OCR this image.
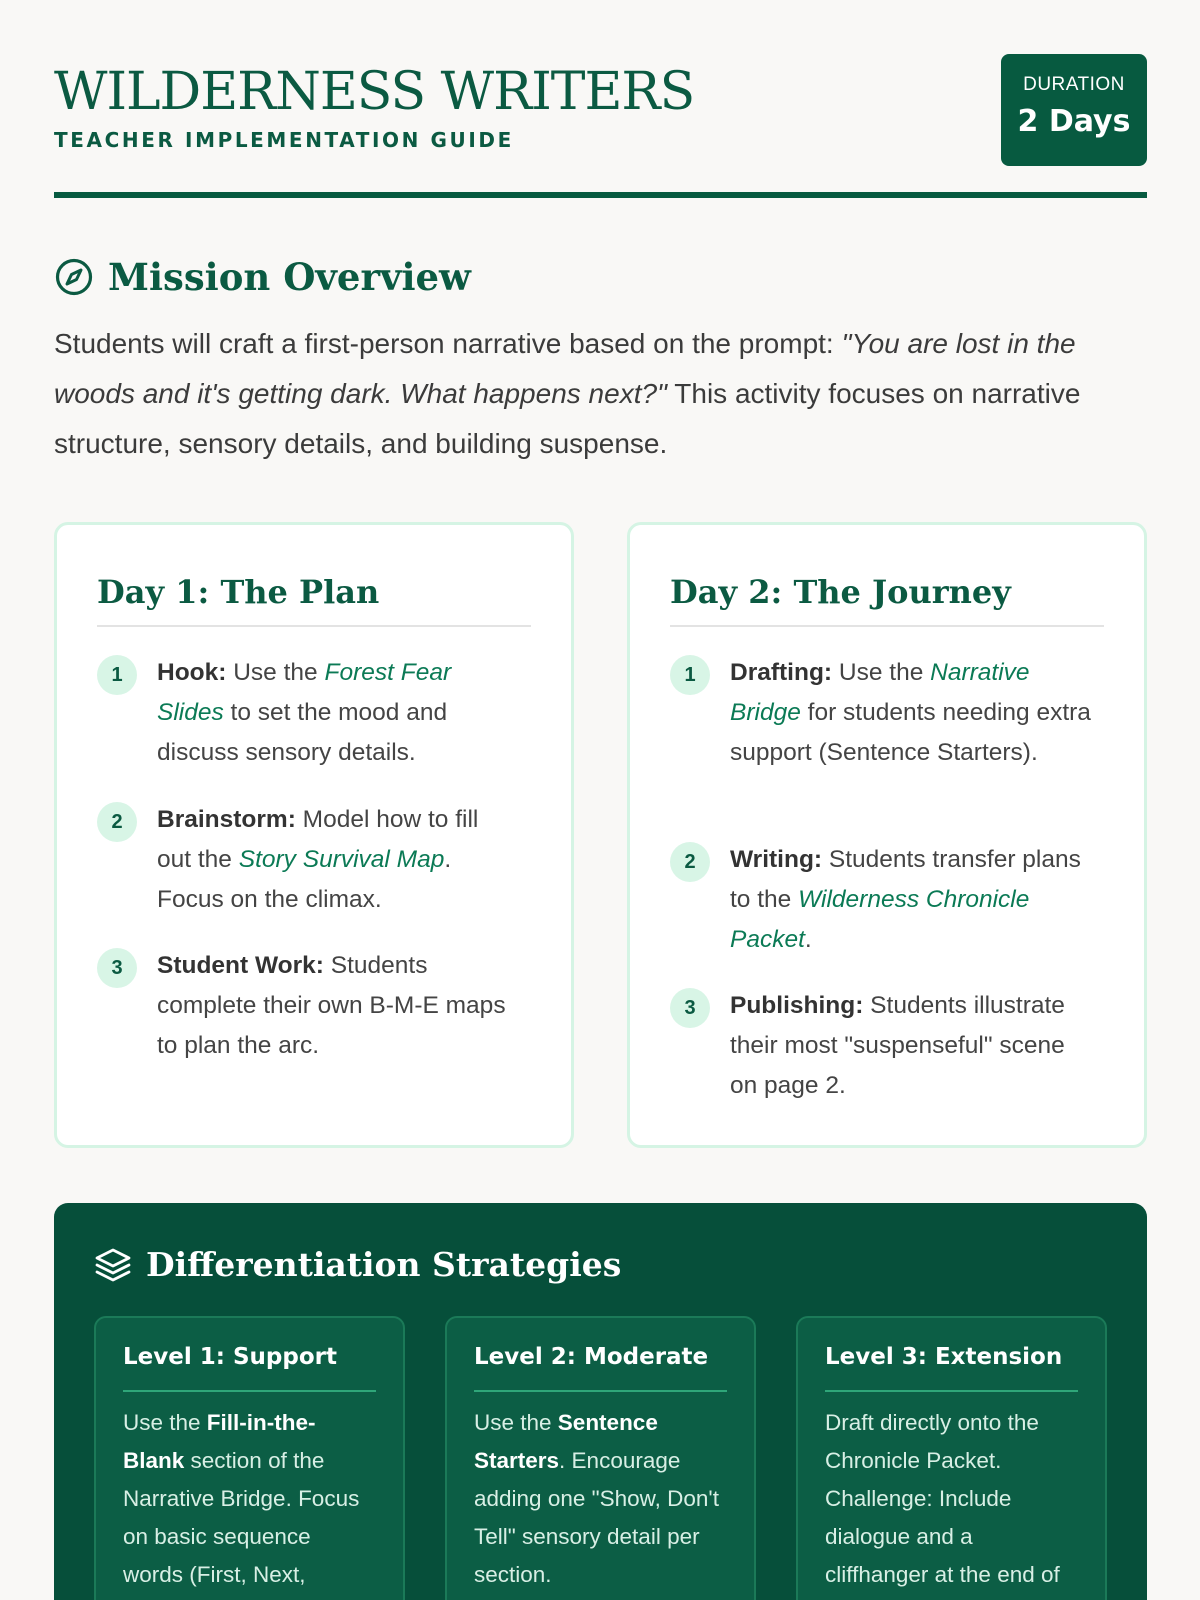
WILDERNESS WRITERS
TEACHER IMPLEMENTATION GUIDE
DURATION
2 Days
Mission Overview

Students will craft a first-person narrative based on the prompt: "You are lost in the woods and it's getting dark. What happens next?" This activity focuses on narrative structure, sensory details, and building suspense.

Day 1: The Plan
1	Hook: Use the Forest Fear Slides to set the mood and discuss sensory details.
2	Brainstorm: Model how to fill out the Story Survival Map. Focus on the climax.
3	Student Work: Students complete their own B-M-E maps to plan the arc.
Day 2: The Journey
1	Drafting: Use the Narrative Bridge for students needing extra support (Sentence Starters).
2	Writing: Students transfer plans to the Wilderness Chronicle Packet.
3	Publishing: Students illustrate their most "suspenseful" scene on page 2.
Differentiation Strategies
Level 1: Support
Use the Fill-in-the-Blank section of the Narrative Bridge. Focus on basic sequence words (First, Next,
Level 2: Moderate
Use the Sentence Starters. Encourage adding one "Show, Don't Tell" sensory detail per section.
Level 3: Extension
Draft directly onto the Chronicle Packet. Challenge: Include dialogue and a cliffhanger at the end of
